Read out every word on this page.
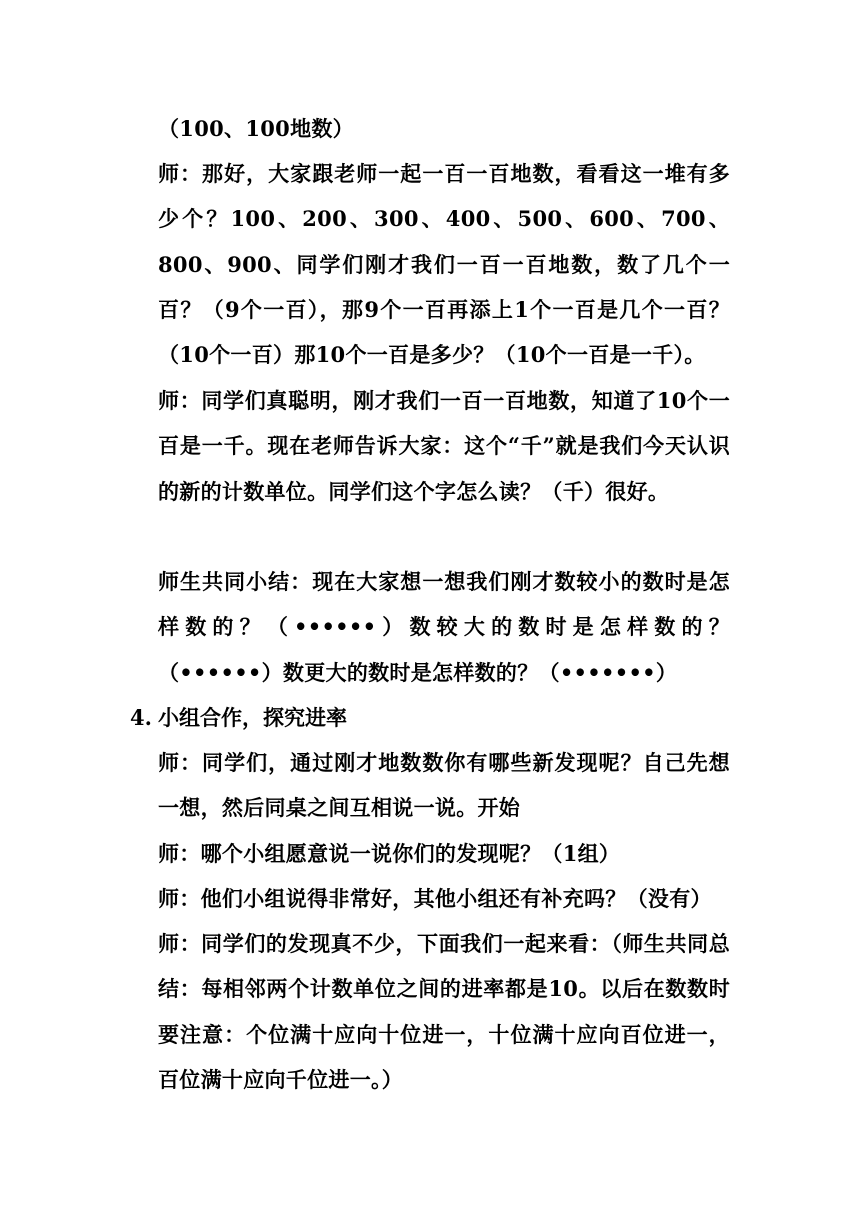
（100、100地数）

师：那好，大家跟老师一起一百一百地数，看看这一堆有多少个？100、200、300、400、500、600、700、800、900、同学们刚才我们一百一百地数，数了几个一百？（9个一百），那9个一百再添上1个一百是几个一百？（10个一百）那10个一百是多少？（10个一百是一千）。

师：同学们真聪明，刚才我们一百一百地数，知道了10个一百是一千。现在老师告诉大家：这个“千”就是我们今天认识的新的计数单位。同学们这个字怎么读？（千）很好。

师生共同小结：现在大家想一想我们刚才数较小的数时是怎样数的？（••••••）数较大的数时是怎样数的？（••••••）数更大的数时是怎样数的？（•••••••）

4. 小组合作，探究进率

师：同学们，通过刚才地数数你有哪些新发现呢？自己先想一想，然后同桌之间互相说一说。开始

师：哪个小组愿意说一说你们的发现呢？（1组）

师：他们小组说得非常好，其他小组还有补充吗？（没有）

师：同学们的发现真不少，下面我们一起来看：（师生共同总结：每相邻两个计数单位之间的进率都是10。以后在数数时要注意：个位满十应向十位进一，十位满十应向百位进一，百位满十应向千位进一。）
